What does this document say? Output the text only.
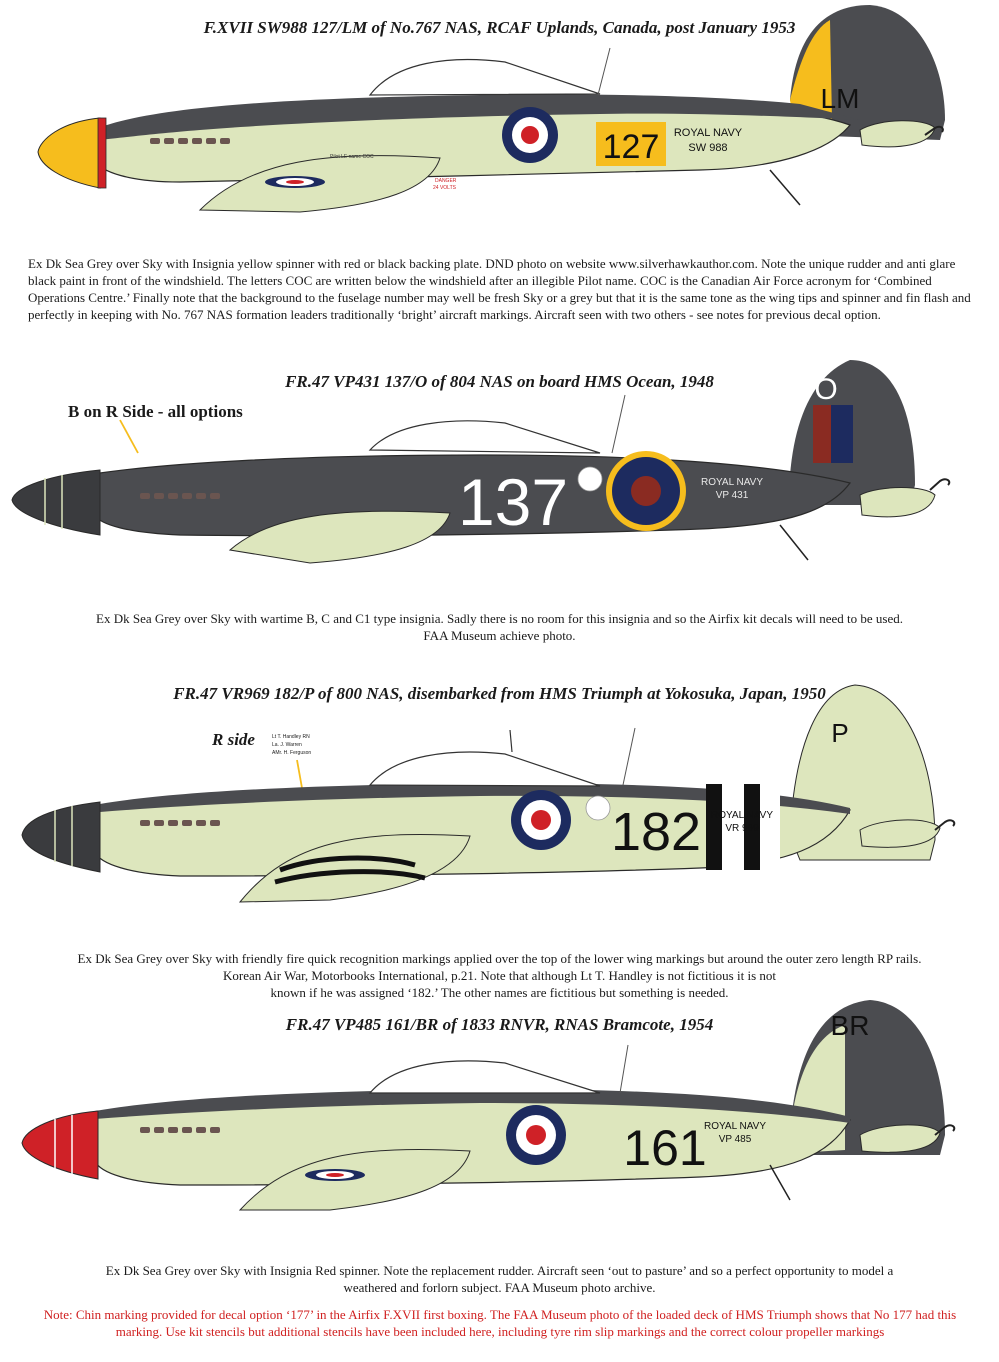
F.XVII SW988 127/LM of No.767 NAS, RCAF Uplands, Canada, post January 1953
127
LM
ROYAL NAVY
SW 988
Pilot LE name COC
DANGER
24 VOLTS
Ex Dk Sea Grey over Sky with Insignia yellow spinner with red or black backing plate. DND photo on website www.silverhawkauthor.com. Note the unique rudder and anti glare black paint in front of the windshield. The letters COC are written below the windshield after an illegible Pilot name. COC is the Canadian Air Force acronym for ‘Combined Operations Centre.’ Finally note that the background to the fuselage number may well be fresh Sky or a grey but that it is the same tone as the wing tips and spinner and fin flash and perfectly in keeping with No. 767 NAS formation leaders traditionally ‘bright’ aircraft markings. Aircraft seen with two others - see notes for previous decal option.
FR.47 VP431 137/O of 804 NAS on board HMS Ocean, 1948
B on R Side - all options
O
137	ROYAL NAVY
VP 431
Ex Dk Sea Grey over Sky with wartime B, C and C1 type insignia. Sadly there is no room for this insignia and so the Airfix kit decals will need to be used.
FAA Museum achieve photo.
FR.47 VR969 182/P of 800 NAS, disembarked from HMS Triumph at Yokosuka, Japan, 1950
R side	Lt T. Handley RN
Lа. J. Warren
AMr. H. Ferguson
P
182 ROYAL NAVY
VR 969
Ex Dk Sea Grey over Sky with friendly fire quick recognition markings applied over the top of the lower wing markings but around the outer zero length RP rails.
Korean Air War, Motorbooks International, p.21. Note that although Lt T. Handley is not fictitious it is not
known if he was assigned ‘182.’ The other names are fictitious but something is needed.
FR.47 VP485 161/BR of 1833 RNVR, RNAS Bramcote, 1954	BR
161
ROYAL NAVY
VP 485
Ex Dk Sea Grey over Sky with Insignia Red spinner. Note the replacement rudder. Aircraft seen ‘out to pasture’ and so a perfect opportunity to model a
weathered and forlorn subject. FAA Museum photo archive.
Note: Chin marking provided for decal option ‘177’ in the Airfix F.XVII first boxing. The FAA Museum photo of the loaded deck of HMS Triumph shows that No 177 had this marking. Use kit stencils but additional stencils have been included here, including tyre rim slip markings and the correct colour propeller markings
